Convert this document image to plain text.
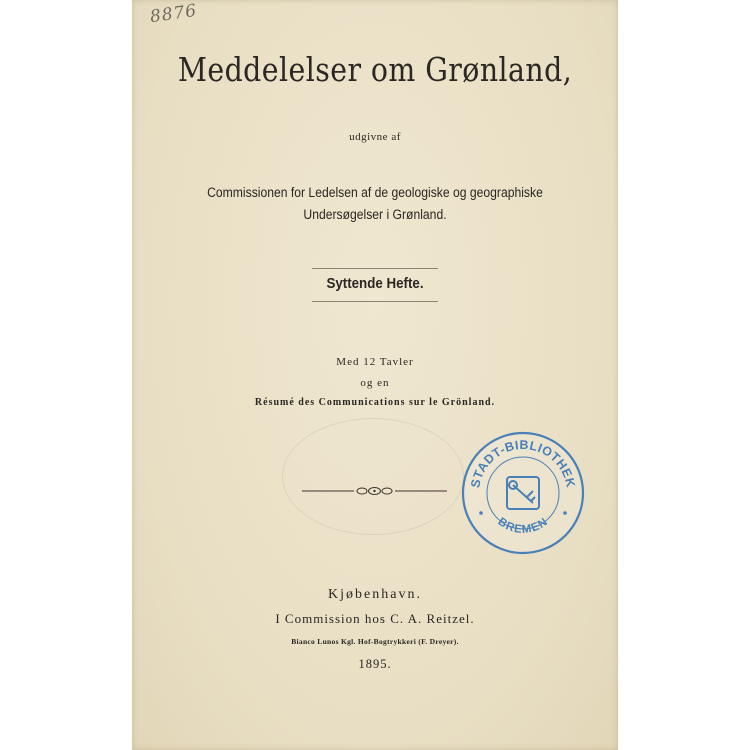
8876
Meddelelser om Grønland,
udgivne af
Commissionen for Ledelsen af de geologiske og geographiske
Undersøgelser i Grønland.
Syttende Hefte.
Med 12 Tavler
og en
Résumé des Communications sur le Grönland.
STADT-BIBLIOTHEK
BREMEN
Kjøbenhavn.
I Commission hos C. A. Reitzel.
Bianco Lunos Kgl. Hof-Bogtrykkeri (F. Dreyer).
1895.
